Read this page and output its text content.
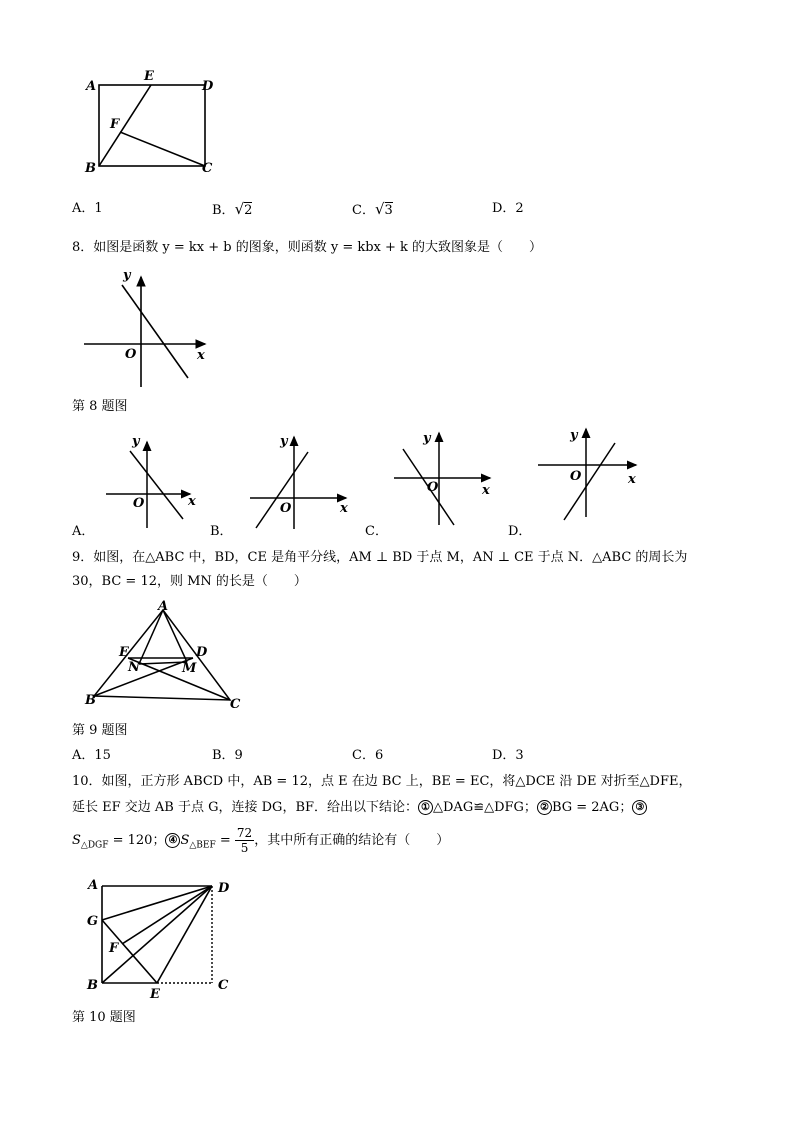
A
E
D
F
B	C
A．1	B．√2	C．√3	D．2
8．如图是函数 y = kx + b 的图象，则函数 y = kbx + k 的大致图象是（　　）
y
x
O
第 8 题图
y
x
O
y
x
O
y
x
O
y
x
O
A．	B．	C．	D．
9．如图，在△ABC 中，BD，CE 是角平分线，AM ⊥ BD 于点 M，AN ⊥ CE 于点 N．△ABC 的周长为
30，BC = 12，则 MN 的长是（　　）
A
E	D
N	M
B	C
第 9 题图
A．15	B．9	C．6	D．3
10．如图，正方形 ABCD 中，AB = 12，点 E 在边 BC 上，BE = EC，将△DCE 沿 DE 对折至△DFE，
延长 EF 交边 AB 于点 G，连接 DG，BF．给出以下结论： ① △DAG≌△DFG； ② BG = 2AG； ③
$S_{\triangle DGF} = 120$； ④ $S_{\triangle BEF} = \frac{72}{5}$ ，其中所有正确的结论有（　　）
A	D
G
F
B
E
C
第 10 题图
